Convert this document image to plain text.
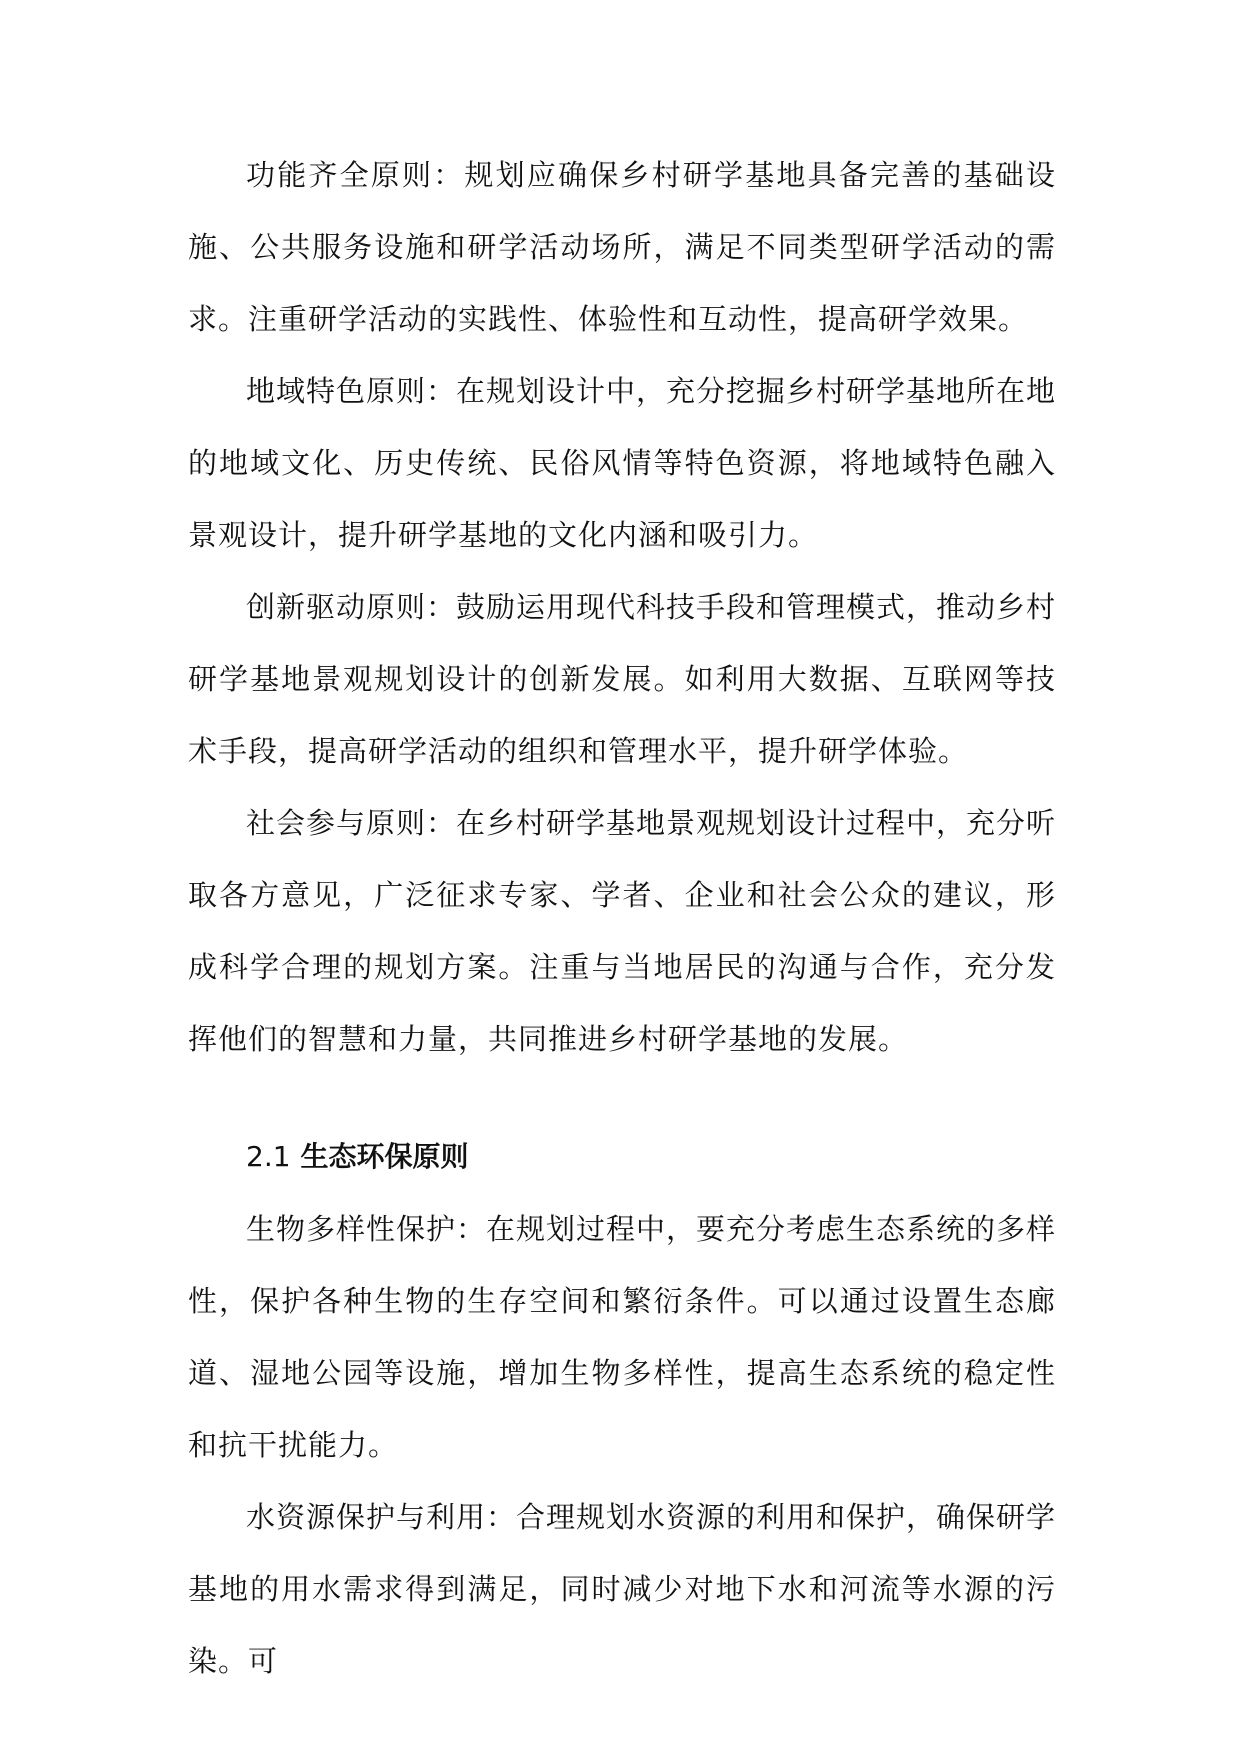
功能齐全原则：规划应确保乡村研学基地具备完善的基础设施、公共服务设施和研学活动场所，满足不同类型研学活动的需求。注重研学活动的实践性、体验性和互动性，提高研学效果。

地域特色原则：在规划设计中，充分挖掘乡村研学基地所在地的地域文化、历史传统、民俗风情等特色资源，将地域特色融入景观设计，提升研学基地的文化内涵和吸引力。

创新驱动原则：鼓励运用现代科技手段和管理模式，推动乡村研学基地景观规划设计的创新发展。如利用大数据、互联网等技术手段，提高研学活动的组织和管理水平，提升研学体验。

社会参与原则：在乡村研学基地景观规划设计过程中，充分听取各方意见，广泛征求专家、学者、企业和社会公众的建议，形成科学合理的规划方案。注重与当地居民的沟通与合作，充分发挥他们的智慧和力量，共同推进乡村研学基地的发展。

2.1 生态环保原则

生物多样性保护：在规划过程中，要充分考虑生态系统的多样性，保护各种生物的生存空间和繁衍条件。可以通过设置生态廊道、湿地公园等设施，增加生物多样性，提高生态系统的稳定性和抗干扰能力。

水资源保护与利用：合理规划水资源的利用和保护，确保研学基地的用水需求得到满足，同时减少对地下水和河流等水源的污染。可
